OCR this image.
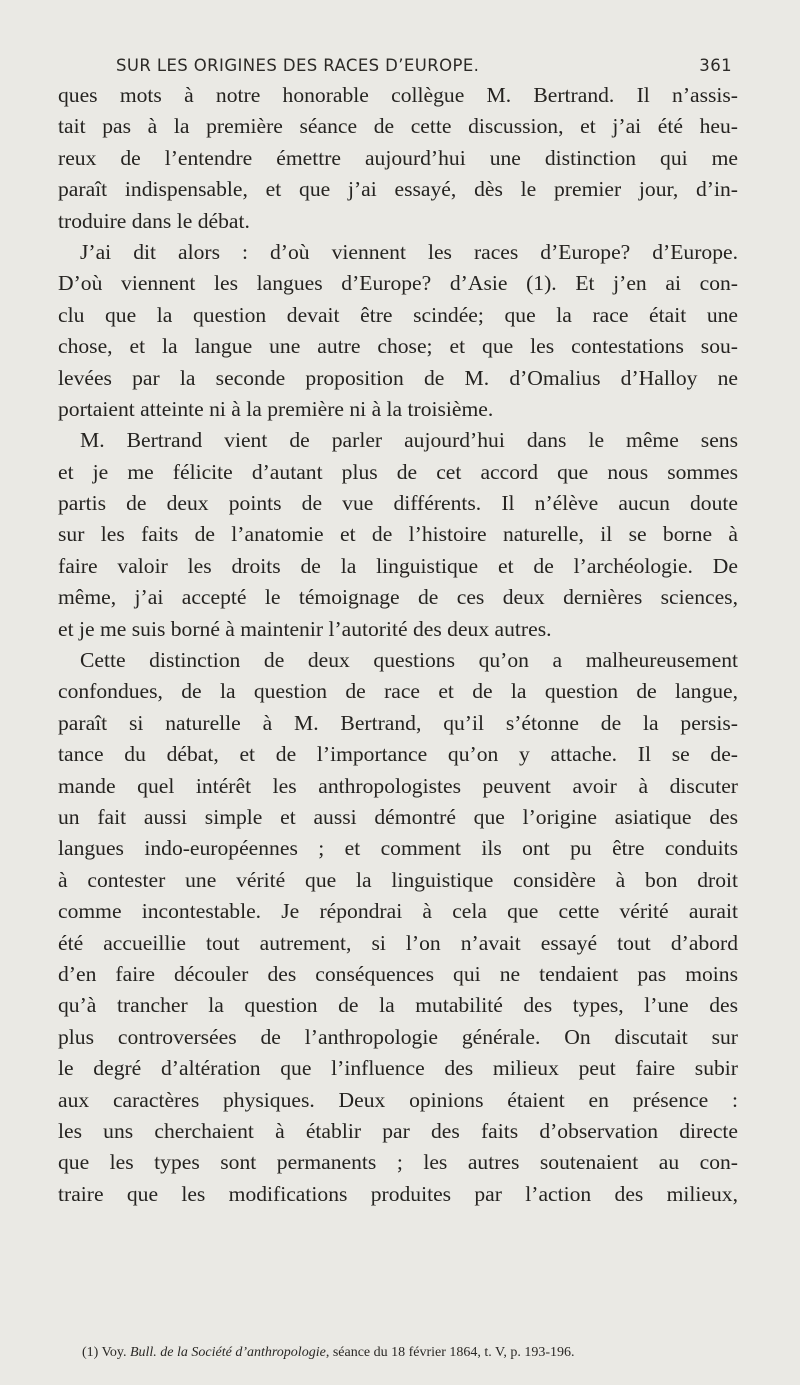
SUR LES ORIGINES DES RACES D’EUROPE.	361
ques mots à notre honorable collègue M. Bertrand. Il n’assis-
tait pas à la première séance de cette discussion, et j’ai été heu-
reux de l’entendre émettre aujourd’hui une distinction qui me
paraît indispensable, et que j’ai essayé, dès le premier jour, d’in-
troduire dans le débat.
J’ai dit alors : d’où viennent les races d’Europe? d’Europe.
D’où viennent les langues d’Europe? d’Asie (1). Et j’en ai con-
clu que la question devait être scindée; que la race était une
chose, et la langue une autre chose; et que les contestations sou-
levées par la seconde proposition de M. d’Omalius d’Halloy ne
portaient atteinte ni à la première ni à la troisième.
M. Bertrand vient de parler aujourd’hui dans le même sens
et je me félicite d’autant plus de cet accord que nous sommes
partis de deux points de vue différents. Il n’élève aucun doute
sur les faits de l’anatomie et de l’histoire naturelle, il se borne à
faire valoir les droits de la linguistique et de l’archéologie. De
même, j’ai accepté le témoignage de ces deux dernières sciences,
et je me suis borné à maintenir l’autorité des deux autres.
Cette distinction de deux questions qu’on a malheureusement
confondues, de la question de race et de la question de langue,
paraît si naturelle à M. Bertrand, qu’il s’étonne de la persis-
tance du débat, et de l’importance qu’on y attache. Il se de-
mande quel intérêt les anthropologistes peuvent avoir à discuter
un fait aussi simple et aussi démontré que l’origine asiatique des
langues indo-européennes ; et comment ils ont pu être conduits
à contester une vérité que la linguistique considère à bon droit
comme incontestable. Je répondrai à cela que cette vérité aurait
été accueillie tout autrement, si l’on n’avait essayé tout d’abord
d’en faire découler des conséquences qui ne tendaient pas moins
qu’à trancher la question de la mutabilité des types, l’une des
plus controversées de l’anthropologie générale. On discutait sur
le degré d’altération que l’influence des milieux peut faire subir
aux caractères physiques. Deux opinions étaient en présence :
les uns cherchaient à établir par des faits d’observation directe
que les types sont permanents ; les autres soutenaient au con-
traire que les modifications produites par l’action des milieux,
(1) Voy. Bull. de la Société d’anthropologie, séance du 18 février 1864, t. V, p. 193-196.
